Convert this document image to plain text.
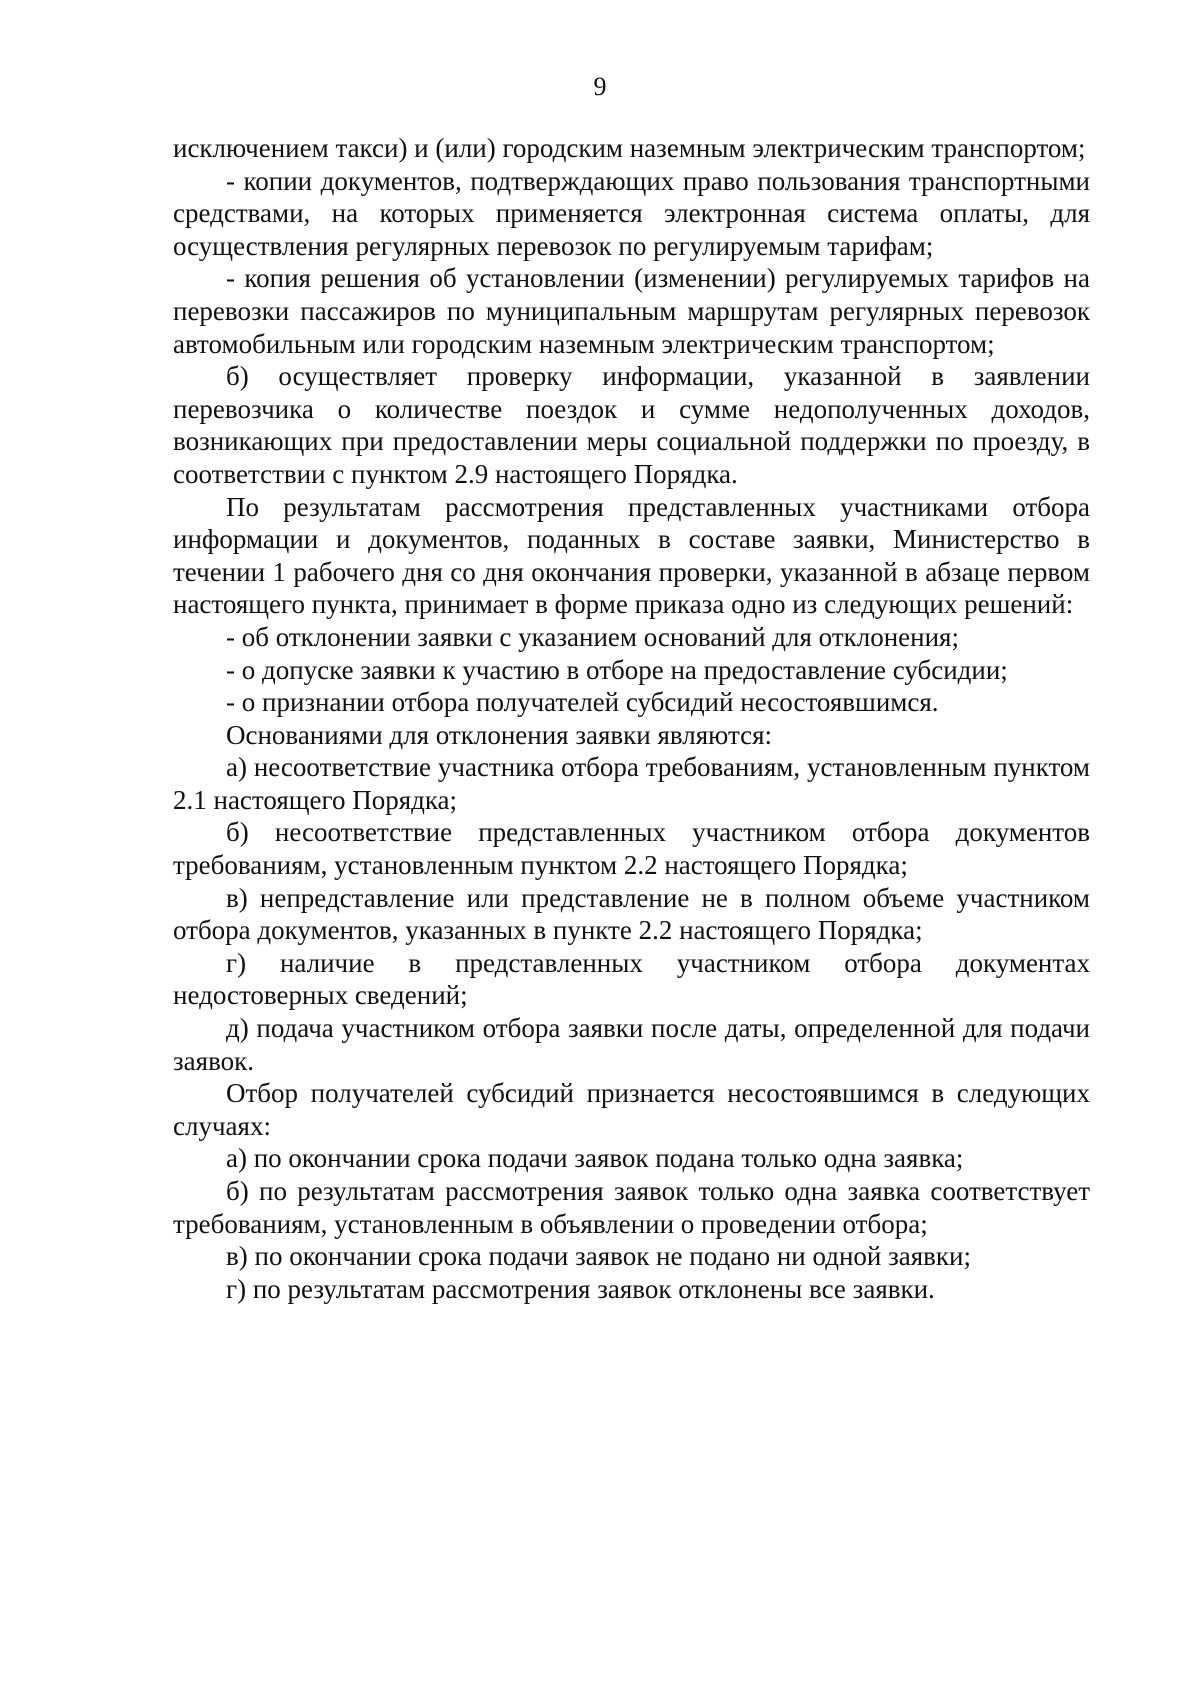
9

исключением такси) и (или) городским наземным электрическим транспортом;

- копии документов, подтверждающих право пользования транспортными средствами, на которых применяется электронная система оплаты, для осуществления регулярных перевозок по регулируемым тарифам;

- копия решения об установлении (изменении) регулируемых тарифов на перевозки пассажиров по муниципальным маршрутам регулярных перевозок автомобильным или городским наземным электрическим транспортом;

б) осуществляет проверку информации, указанной в заявлении перевозчика о количестве поездок и сумме недополученных доходов, возникающих при предоставлении меры социальной поддержки по проезду, в соответствии с пунктом 2.9 настоящего Порядка.

По результатам рассмотрения представленных участниками отбора информации и документов, поданных в составе заявки, Министерство в течении 1 рабочего дня со дня окончания проверки, указанной в абзаце первом настоящего пункта, принимает в форме приказа одно из следующих решений:

- об отклонении заявки с указанием оснований для отклонения;

- о допуске заявки к участию в отборе на предоставление субсидии;

- о признании отбора получателей субсидий несостоявшимся.

Основаниями для отклонения заявки являются:

а) несоответствие участника отбора требованиям, установленным пунктом 2.1 настоящего Порядка;

б) несоответствие представленных участником отбора документов требованиям, установленным пунктом 2.2 настоящего Порядка;

в) непредставление или представление не в полном объеме участником отбора документов, указанных в пункте 2.2 настоящего Порядка;

г) наличие в представленных участником отбора документах недостоверных сведений;

д) подача участником отбора заявки после даты, определенной для подачи заявок.

Отбор получателей субсидий признается несостоявшимся в следующих случаях:

а) по окончании срока подачи заявок подана только одна заявка;

б) по результатам рассмотрения заявок только одна заявка соответствует требованиям, установленным в объявлении о проведении отбора;

в) по окончании срока подачи заявок не подано ни одной заявки;

г) по результатам рассмотрения заявок отклонены все заявки.
